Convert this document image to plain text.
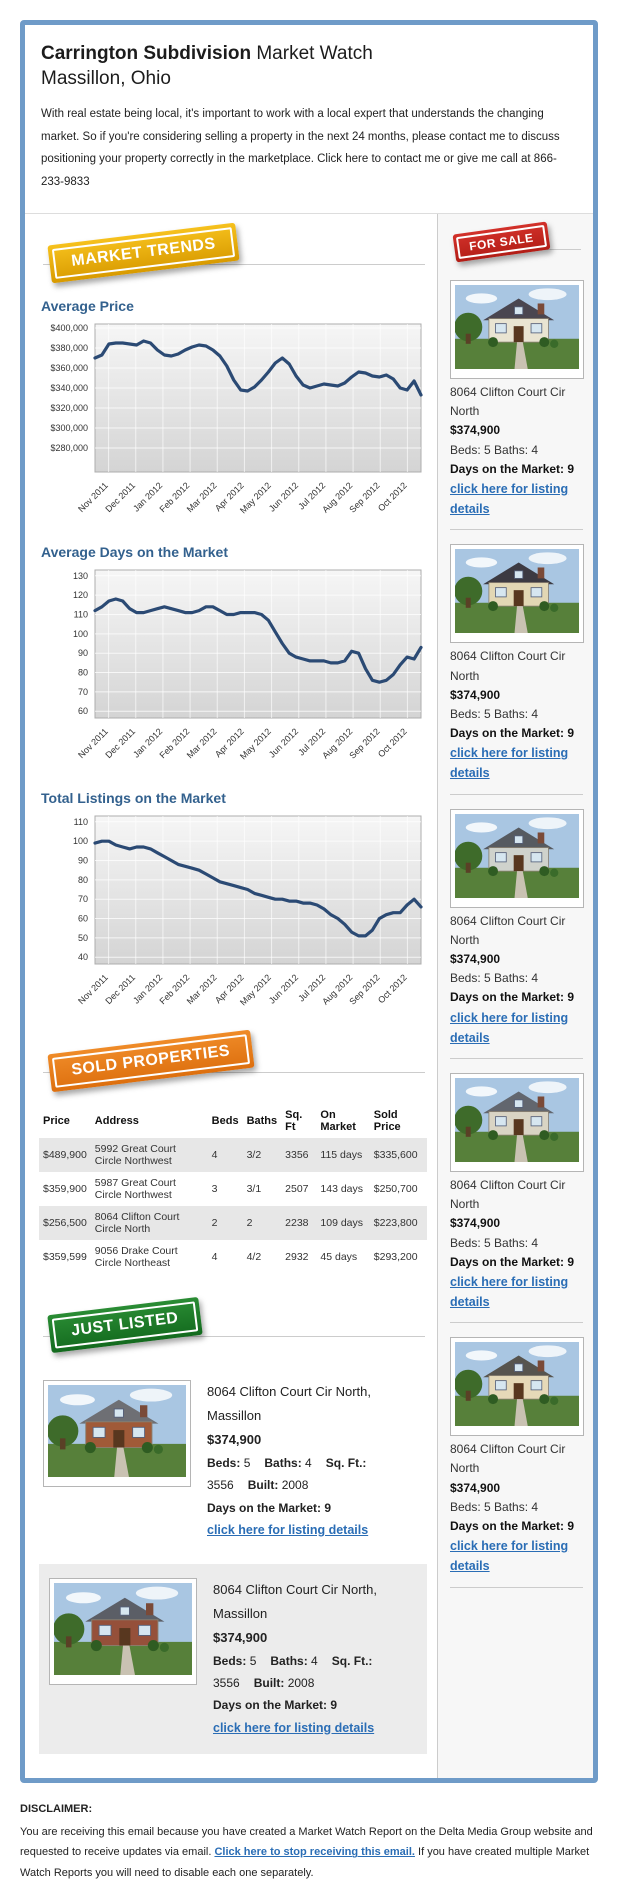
Carrington Subdivision Market Watch
Massillon, Ohio

With real estate being local, it's important to work with a local expert that understands the changing market. So if you're considering selling a property in the next 24 months, please contact me to discuss positioning your property correctly in the marketplace. Click here to contact me or give me call at 866-233-9833

MARKET TRENDS
Average Price
$400,000
$380,000
$360,000
$340,000
$320,000
$300,000
$280,000
Nov 2011
Dec 2011
Jan 2012
Feb 2012
Mar 2012
Apr 2012
May 2012
Jun 2012
Jul 2012
Aug 2012
Sep 2012
Oct 2012
Average Days on the Market
130
120
110
100
90
80
70
60
Nov 2011
Dec 2011
Jan 2012
Feb 2012
Mar 2012
Apr 2012
May 2012
Jun 2012
Jul 2012
Aug 2012
Sep 2012
Oct 2012
Total Listings on the Market
110
100
90
80
70
60
50
40
Nov 2011
Dec 2011
Jan 2012
Feb 2012
Mar 2012
Apr 2012
May 2012
Jun 2012
Jul 2012
Aug 2012
Sep 2012
Oct 2012
SOLD PROPERTIES
Price	Address	Beds	Baths	Sq. Ft	On Market	Sold Price
$489,900	5992 Great Court Circle Northwest	4	3/2	3356	115 days	$335,600
$359,900	5987 Great Court Circle Northwest	3	3/1	2507	143 days	$250,700
$256,500	8064 Clifton Court Circle North	2	2	2238	109 days	$223,800
$359,599	9056 Drake Court Circle Northeast	4	4/2	2932	45 days	$293,200
JUST LISTED
8064 Clifton Court Cir North, Massillon
$374,900
Beds: 5 Baths: 4 Sq. Ft.: 3556 Built: 2008
Days on the Market: 9
click here for listing details
8064 Clifton Court Cir North, Massillon
$374,900
Beds: 5 Baths: 4 Sq. Ft.: 3556 Built: 2008
Days on the Market: 9
click here for listing details
FOR SALE
8064 Clifton Court Cir North
$374,900
Beds: 5 Baths: 4
Days on the Market: 9
click here for listing details
8064 Clifton Court Cir North
$374,900
Beds: 5 Baths: 4
Days on the Market: 9
click here for listing details
8064 Clifton Court Cir North
$374,900
Beds: 5 Baths: 4
Days on the Market: 9
click here for listing details
8064 Clifton Court Cir North
$374,900
Beds: 5 Baths: 4
Days on the Market: 9
click here for listing details
8064 Clifton Court Cir North
$374,900
Beds: 5 Baths: 4
Days on the Market: 9
click here for listing details
DISCLAIMER:

You are receiving this email because you have created a Market Watch Report on the Delta Media Group website and requested to receive updates via email. Click here to stop receiving this email. If you have created multiple Market Watch Reports you will need to disable each one separately.
